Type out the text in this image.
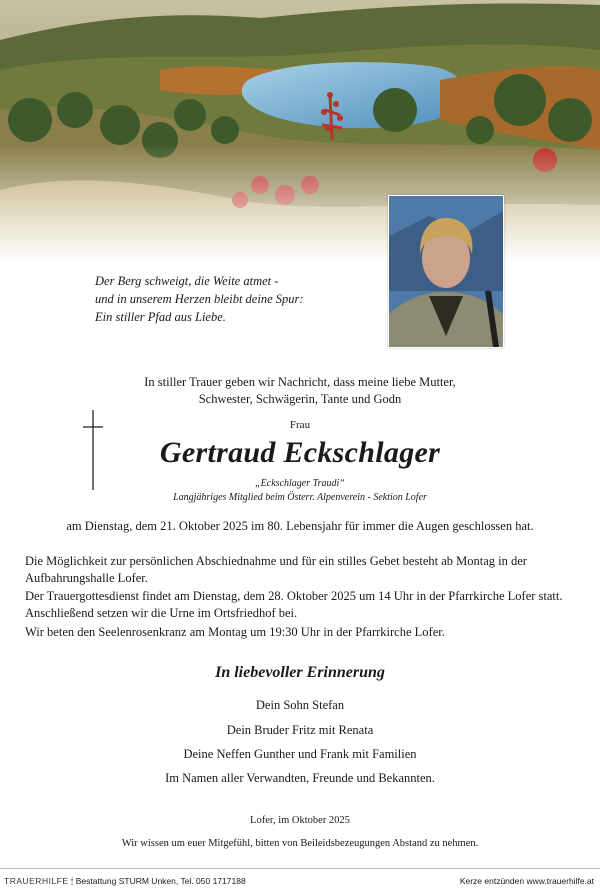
Der Berg schweigt, die Weite atmet -
und in unserem Herzen bleibt deine Spur:
Ein stiller Pfad aus Liebe.
In stiller Trauer geben wir Nachricht, dass meine liebe Mutter,
Schwester, Schwägerin, Tante und Godn
Frau
Gertraud Eckschlager
„Eckschlager Traudi“
Langjähriges Mitglied beim Österr. Alpenverein - Sektion Lofer
am Dienstag, dem 21. Oktober 2025 im 80. Lebensjahr für immer die Augen geschlossen hat.
Die Möglichkeit zur persönlichen Abschiednahme und für ein stilles Gebet besteht ab Montag in der Aufbahrungshalle Lofer.
Der Trauergottesdienst findet am Dienstag, dem 28. Oktober 2025 um 14 Uhr in der Pfarrkirche Lofer statt. Anschließend setzen wir die Urne im Ortsfriedhof bei.
Wir beten den Seelenrosenkranz am Montag um 19:30 Uhr in der Pfarrkirche Lofer.
In liebevoller Erinnerung
Dein Sohn Stefan
Dein Bruder Fritz mit Renata
Deine Neffen Gunther und Frank mit Familien
Im Namen aller Verwandten, Freunde und Bekannten.
Lofer, im Oktober 2025
Wir wissen um euer Mitgefühl, bitten von Beileidsbezeugungen Abstand zu nehmen.
TRAUERHILFE 🕯 Bestattung STURM Unken, Tel. 050 1717188	Kerze entzünden www.trauerhilfe.at
